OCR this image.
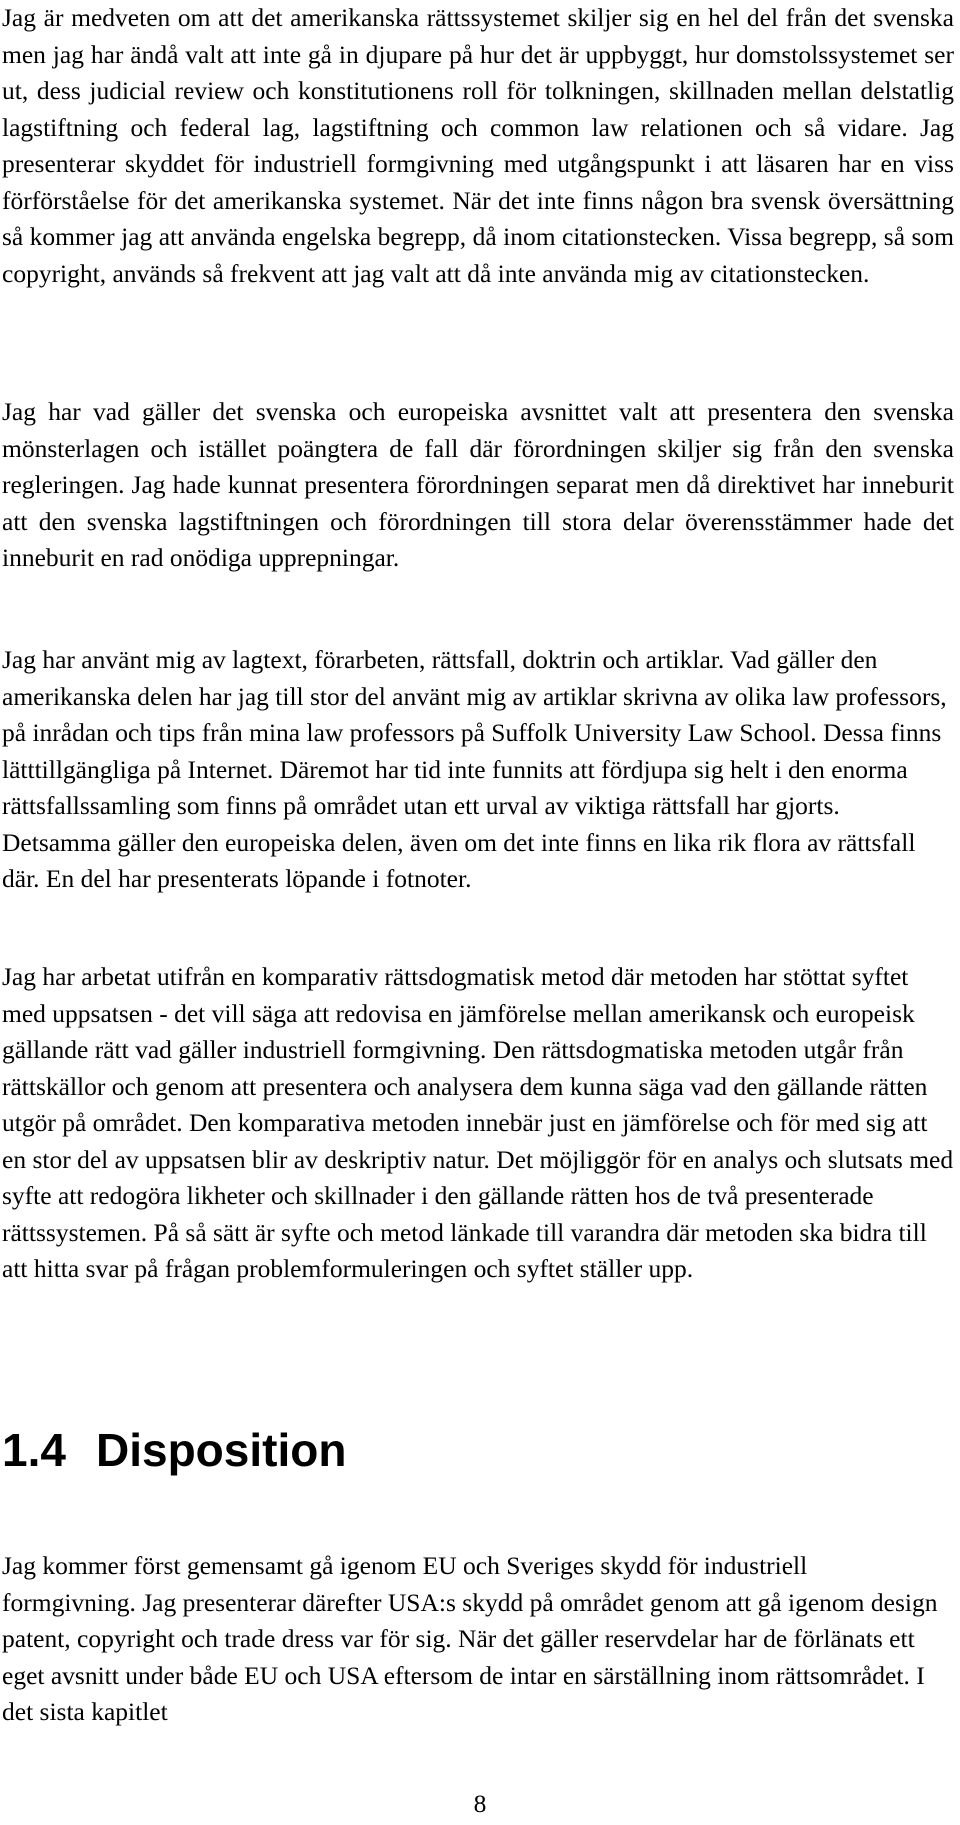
Jag är medveten om att det amerikanska rättssystemet skiljer sig en hel del från det svenska men jag har ändå valt att inte gå in djupare på hur det är uppbyggt, hur domstolssystemet ser ut, dess judicial review och konstitutionens roll för tolkningen, skillnaden mellan delstatlig lagstiftning och federal lag, lagstiftning och common law relationen och så vidare. Jag presenterar skyddet för industriell formgivning med utgångspunkt i att läsaren har en viss förförståelse för det amerikanska systemet. När det inte finns någon bra svensk översättning så kommer jag att använda engelska begrepp, då inom citationstecken. Vissa begrepp, så som copyright, används så frekvent att jag valt att då inte använda mig av citationstecken.

Jag har vad gäller det svenska och europeiska avsnittet valt att presentera den svenska mönsterlagen och istället poängtera de fall där förordningen skiljer sig från den svenska regleringen. Jag hade kunnat presentera förordningen separat men då direktivet har inneburit att den svenska lagstiftningen och förordningen till stora delar överensstämmer hade det inneburit en rad onödiga upprepningar.

Jag har använt mig av lagtext, förarbeten, rättsfall, doktrin och artiklar. Vad gäller den amerikanska delen har jag till stor del använt mig av artiklar skrivna av olika law professors, på inrådan och tips från mina law professors på Suffolk University Law School. Dessa finns lätttillgängliga på Internet. Däremot har tid inte funnits att fördjupa sig helt i den enorma rättsfallssamling som finns på området utan ett urval av viktiga rättsfall har gjorts. Detsamma gäller den europeiska delen, även om det inte finns en lika rik flora av rättsfall där. En del har presenterats löpande i fotnoter.

Jag har arbetat utifrån en komparativ rättsdogmatisk metod där metoden har stöttat syftet med uppsatsen - det vill säga att redovisa en jämförelse mellan amerikansk och europeisk gällande rätt vad gäller industriell formgivning. Den rättsdogmatiska metoden utgår från rättskällor och genom att presentera och analysera dem kunna säga vad den gällande rätten utgör på området. Den komparativa metoden innebär just en jämförelse och för med sig att en stor del av uppsatsen blir av deskriptiv natur. Det möjliggör för en analys och slutsats med syfte att redogöra likheter och skillnader i den gällande rätten hos de två presenterade rättssystemen. På så sätt är syfte och metod länkade till varandra där metoden ska bidra till att hitta svar på frågan problemformuleringen och syftet ställer upp.

1.4 Disposition

Jag kommer först gemensamt gå igenom EU och Sveriges skydd för industriell formgivning. Jag presenterar därefter USA:s skydd på området genom att gå igenom design patent, copyright och trade dress var för sig. När det gäller reservdelar har de förlänats ett eget avsnitt under både EU och USA eftersom de intar en särställning inom rättsområdet. I det sista kapitlet

8
